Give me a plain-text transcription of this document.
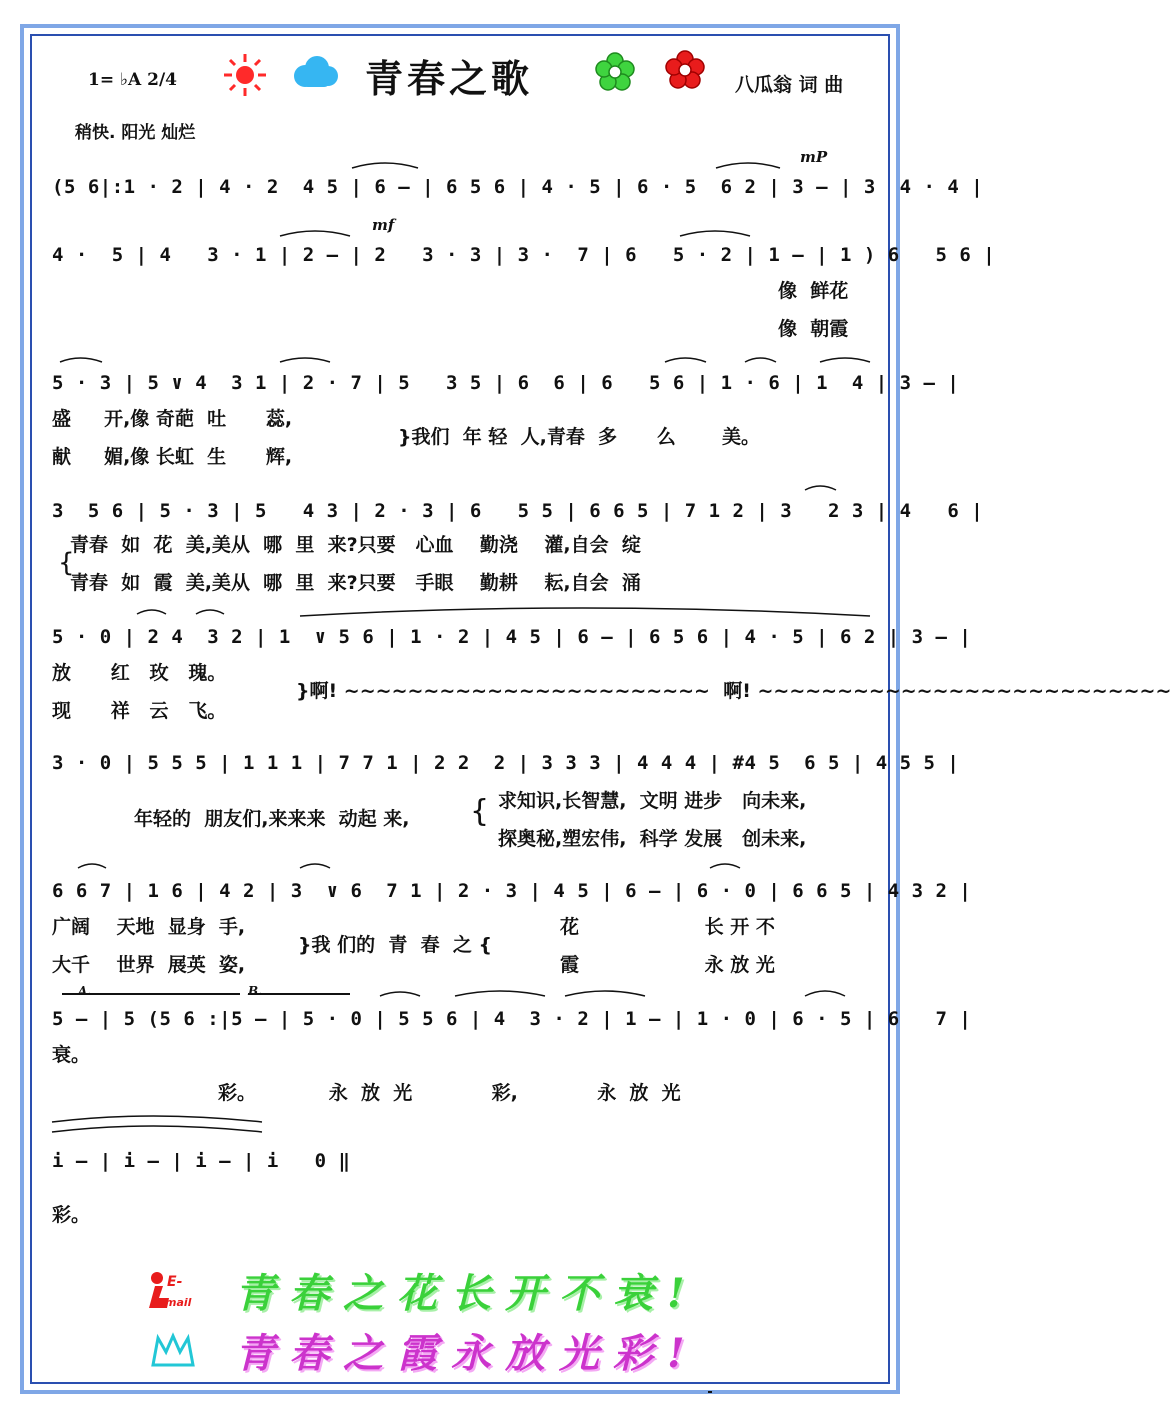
1= ♭A 2/4	青春之歌	八瓜翁 词 曲
稍快. 阳光 灿烂
mP
mf
A.	B.
(5 6|:1 · 2 | 4 · 2  4 5 | 6 — | 6 5 6 | 4 · 5 | 6 · 5  6 2 | 3 — | 3  4 · 4 |
4 ·  5 | 4   3 · 1 | 2 — | 2   3 · 3 | 3 ·  7 | 6   5 · 2 | 1 — | 1 ) 6   5 6 |
像  鲜花
像  朝霞
5 · 3 | 5 ∨ 4  3 1 | 2 · 7 | 5   3 5 | 6  6 | 6   5 6 | 1 · 6 | 1  4 | 3 — |
盛     开,像 奇葩  吐      蕊,
献     媚,像 长虹  生      辉,
}我们  年 轻  人,青春  多      么       美。
3  5 6 | 5 · 3 | 5   4 3 | 2 · 3 | 6   5 5 | 6 6 5 | 7 1 2 | 3   2 3 | 4   6 |
青春  如  花  美,美从  哪  里  来?只要   心血    勤浇    灌,自会  绽
青春  如  霞  美,美从  哪  里  来?只要   手眼    勤耕    耘,自会  涌
{
5 · 0 | 2 4  3 2 | 1  ∨ 5 6 | 1 · 2 | 4 5 | 6 — | 6 5 6 | 4 · 5 | 6 2 | 3 — |
放      红   玫   瑰。
现      祥   云   飞。
}啊! ~~~~~~~~~~~~~~~~~~~~~~~  啊! ~~~~~~~~~~~~~~~~~~~~~~~~~~
3 · 0 | 5 5 5 | 1 1 1 | 7 7 1 | 2 2  2 | 3 3 3 | 4 4 4 | #4 5  6 5 | 4 5 5 |
年轻的  朋友们,来来来  动起 来, { 求知识,长智慧,  文明 进步   向未来,
探奥秘,塑宏伟,  科学 发展   创未来,
6 6 7 | 1 6 | 4 2 | 3  ∨ 6  7 1 | 2 · 3 | 4 5 | 6 — | 6 · 0 | 6 6 5 | 4 3 2 |
广阔    天地  显身  手,
大千    世界  展英  姿,
}我 们的  青  春  之 {
花                   长 开 不
霞                   永 放 光
5 — | 5 (5 6 :|5 — | 5 · 0 | 5 5 6 | 4  3 · 2 | 1 — | 1 · 0 | 6 · 5 | 6   7 |
衰。
彩。           永  放  光            彩,            永  放  光
i — | i — | i — | i   0 ‖
彩。
E-
mail 青春之花长开不衰!
青春之霞永放光彩!
